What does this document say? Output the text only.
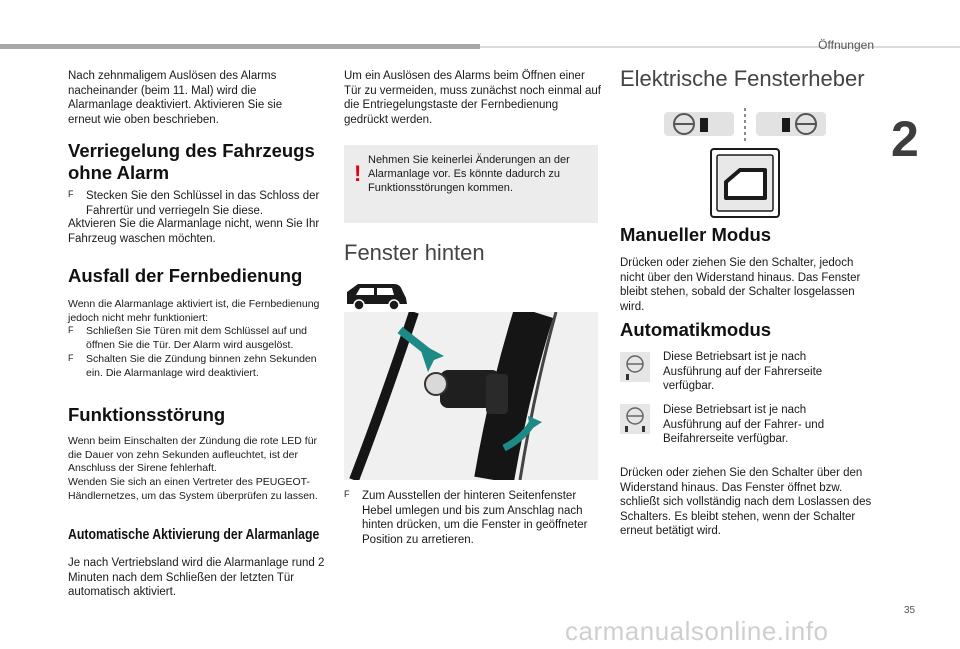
Öffnungen
2
35

Nach zehnmaligem Auslösen des Alarms nacheinander (beim 11. Mal) wird die Alarmanlage deaktiviert. Aktivieren Sie sie erneut wie oben beschrieben.

Verriegelung des Fahrzeugs ohne Alarm
F	Stecken Sie den Schlüssel in das Schloss der Fahrertür und verriegeln Sie diese.

Aktvieren Sie die Alarmanlage nicht, wenn Sie Ihr Fahrzeug waschen möchten.

Ausfall der Fernbedienung

Wenn die Alarmanlage aktiviert ist, die Fernbedienung jedoch nicht mehr funktioniert:

F	Schließen Sie Türen mit dem Schlüssel auf und öffnen Sie die Tür. Der Alarm wird ausgelöst.

F	Schalten Sie die Zündung binnen zehn Sekunden ein. Die Alarmanlage wird deaktiviert.

Funktionsstörung

Wenn beim Einschalten der Zündung die rote LED für die Dauer von zehn Sekunden aufleuchtet, ist der Anschluss der Sirene fehlerhaft.

Wenden Sie sich an einen Vertreter des PEUGEOT-Händlernetzes, um das System überprüfen zu lassen.

Automatische Aktivierung der Alarmanlage

Je nach Vertriebsland wird die Alarmanlage rund 2 Minuten nach dem Schließen der letzten Tür automatisch aktiviert.

Um ein Auslösen des Alarms beim Öffnen einer Tür zu vermeiden, muss zunächst noch einmal auf die Entriegelungstaste der Fernbedienung gedrückt werden.

!
Nehmen Sie keinerlei Änderungen an der Alarmanlage vor. Es könnte dadurch zu Funktionsstörungen kommen.
Fenster hinten
F	Zum Ausstellen der hinteren Seitenfenster Hebel umlegen und bis zum Anschlag nach hinten drücken, um die Fenster in geöffneter Position zu arretieren.

Elektrische Fensterheber
Manueller Modus

Drücken oder ziehen Sie den Schalter, jedoch nicht über den Widerstand hinaus. Das Fenster bleibt stehen, sobald der Schalter losgelassen wird.

Automatikmodus

Diese Betriebsart ist je nach Ausführung auf der Fahrerseite verfügbar.

Diese Betriebsart ist je nach Ausführung auf der Fahrer- und Beifahrerseite verfügbar.

Drücken oder ziehen Sie den Schalter über den Widerstand hinaus. Das Fenster öffnet bzw. schließt sich vollständig nach dem Loslassen des Schalters. Es bleibt stehen, wenn der Schalter erneut betätigt wird.

carmanualsonline.info
